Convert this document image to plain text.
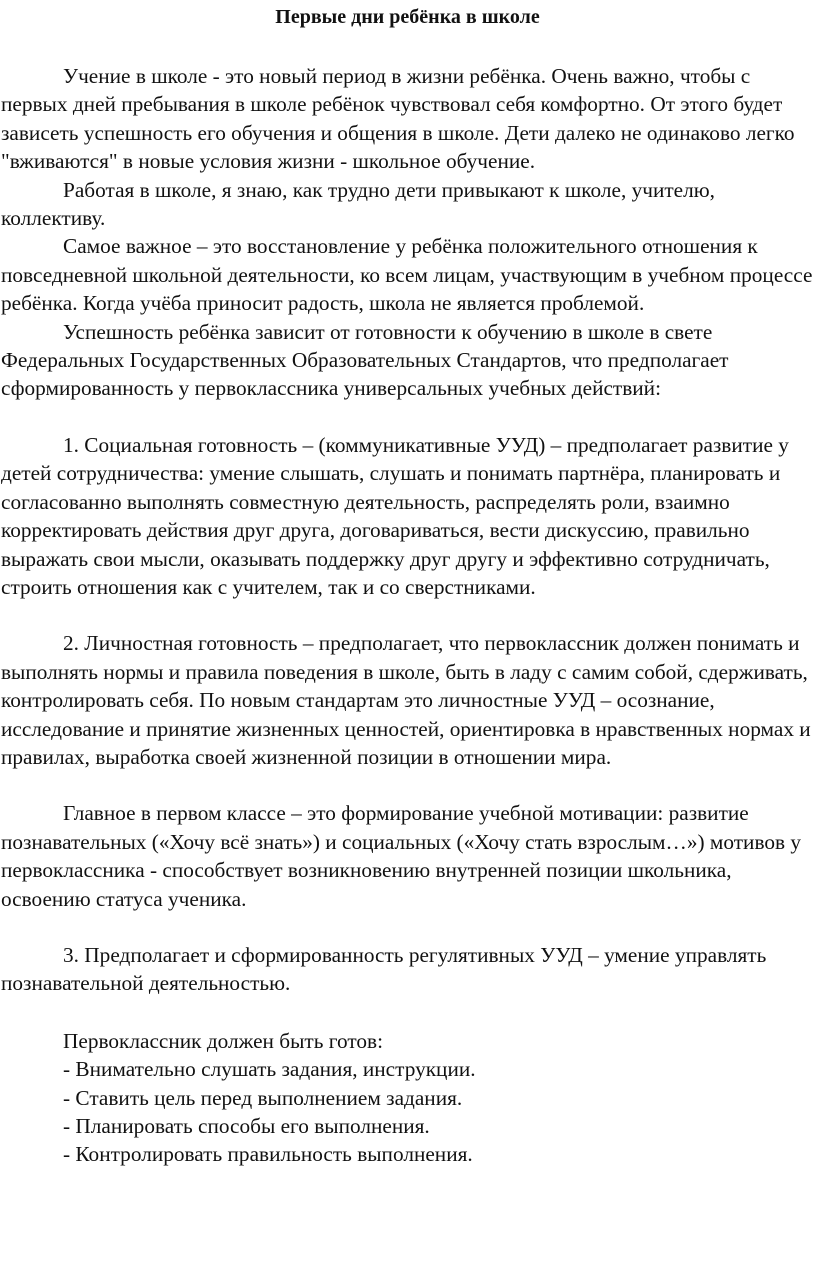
Первые дни ребёнка в школе

Учение в школе - это новый период в жизни ребёнка. Очень важно, чтобы с первых дней пребывания в школе ребёнок чувствовал себя комфортно. От этого будет зависеть успешность его обучения и общения в школе. Дети далеко не одинаково легко "вживаются" в новые условия жизни - школьное обучение.

Работая в школе, я знаю, как трудно дети привыкают к школе, учителю, коллективу.

Самое важное – это восстановление у ребёнка положительного отношения к повседневной школьной деятельности, ко всем лицам, участвующим в учебном процессе ребёнка. Когда учёба приносит радость, школа не является проблемой.

Успешность ребёнка зависит от готовности к обучению в школе в свете Федеральных Государственных Образовательных Стандартов, что предполагает сформированность у первоклассника универсальных учебных действий:

1. Социальная готовность – (коммуникативные УУД) – предполагает развитие у детей сотрудничества: умение слышать, слушать и понимать партнёра, планировать и согласованно выполнять совместную деятельность, распределять роли, взаимно корректировать действия друг друга, договариваться, вести дискуссию, правильно выражать свои мысли, оказывать поддержку друг другу и эффективно сотрудничать, строить отношения как с учителем, так и со сверстниками.

2. Личностная готовность – предполагает, что первоклассник должен понимать и выполнять нормы и правила поведения в школе, быть в ладу с самим собой, сдерживать, контролировать себя. По новым стандартам это личностные УУД – осознание, исследование и принятие жизненных ценностей, ориентировка в нравственных нормах и правилах, выработка своей жизненной позиции в отношении мира.

Главное в первом классе – это формирование учебной мотивации: развитие познавательных («Хочу всё знать») и социальных («Хочу стать взрослым…») мотивов у первоклассника - способствует возникновению внутренней позиции школьника, освоению статуса ученика.

3. Предполагает и сформированность регулятивных УУД – умение управлять познавательной деятельностью.

Первоклассник должен быть готов:

- Внимательно слушать задания, инструкции.

- Ставить цель перед выполнением задания.

- Планировать способы его выполнения.

- Контролировать правильность выполнения.
